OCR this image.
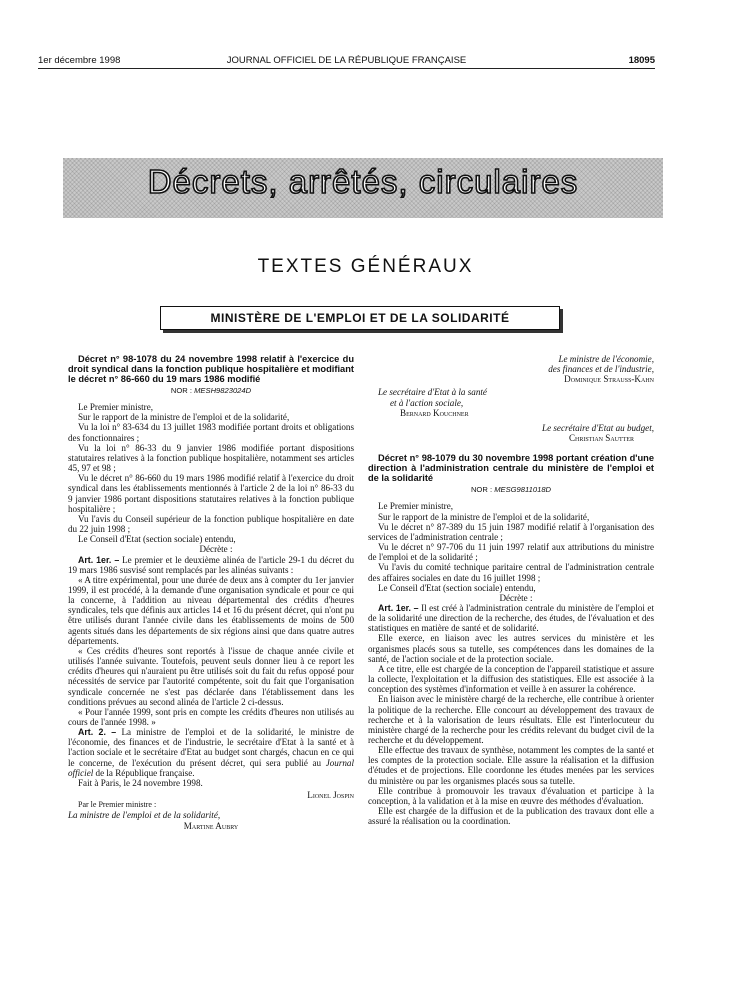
1er décembre 1998	JOURNAL OFFICIEL DE LA RÉPUBLIQUE FRANÇAISE	18095
Décrets, arrêtés, circulaires
TEXTES GÉNÉRAUX
MINISTÈRE DE L'EMPLOI ET DE LA SOLIDARITÉ

Décret n° 98-1078 du 24 novembre 1998 relatif à l'exercice du droit syndical dans la fonction publique hospitalière et modifiant le décret n° 86-660 du 19 mars 1986 modifié

NOR : MESH9823024D

Le Premier ministre,

Sur le rapport de la ministre de l'emploi et de la solidarité,

Vu la loi n° 83-634 du 13 juillet 1983 modifiée portant droits et obligations des fonctionnaires ;

Vu la loi n° 86-33 du 9 janvier 1986 modifiée portant dispositions statutaires relatives à la fonction publique hospitalière, notamment ses articles 45, 97 et 98 ;

Vu le décret n° 86-660 du 19 mars 1986 modifié relatif à l'exercice du droit syndical dans les établissements mentionnés à l'article 2 de la loi n° 86-33 du 9 janvier 1986 portant dispositions statutaires relatives à la fonction publique hospitalière ;

Vu l'avis du Conseil supérieur de la fonction publique hospitalière en date du 22 juin 1998 ;

Le Conseil d'Etat (section sociale) entendu,

Décrète :

Art. 1er. – Le premier et le deuxième alinéa de l'article 29-1 du décret du 19 mars 1986 susvisé sont remplacés par les alinéas suivants :

« A titre expérimental, pour une durée de deux ans à compter du 1er janvier 1999, il est procédé, à la demande d'une organisation syndicale et pour ce qui la concerne, à l'addition au niveau départemental des crédits d'heures syndicales, tels que définis aux articles 14 et 16 du présent décret, qui n'ont pu être utilisés durant l'année civile dans les établissements de moins de 500 agents situés dans les départements de six régions ainsi que dans quatre autres départements.

« Ces crédits d'heures sont reportés à l'issue de chaque année civile et utilisés l'année suivante. Toutefois, peuvent seuls donner lieu à ce report les crédits d'heures qui n'auraient pu être utilisés soit du fait du refus opposé pour nécessités de service par l'autorité compétente, soit du fait que l'organisation syndicale concernée ne s'est pas déclarée dans l'établissement dans les conditions prévues au second alinéa de l'article 2 ci-dessus.

« Pour l'année 1999, sont pris en compte les crédits d'heures non utilisés au cours de l'année 1998. »

Art. 2. – La ministre de l'emploi et de la solidarité, le ministre de l'économie, des finances et de l'industrie, le secrétaire d'Etat à la santé et à l'action sociale et le secrétaire d'Etat au budget sont chargés, chacun en ce qui le concerne, de l'exécution du présent décret, qui sera publié au Journal officiel de la République française.

Fait à Paris, le 24 novembre 1998.

Lionel Jospin

Par le Premier ministre :

La ministre de l'emploi et de la solidarité,

Martine Aubry

Le ministre de l'économie,

des finances et de l'industrie,

Dominique Strauss-Kahn

Le secrétaire d'Etat à la santé

et à l'action sociale,

Bernard Kouchner

Le secrétaire d'Etat au budget,

Christian Sautter

Décret n° 98-1079 du 30 novembre 1998 portant création d'une direction à l'administration centrale du ministère de l'emploi et de la solidarité

NOR : MESG9811018D

Le Premier ministre,

Sur le rapport de la ministre de l'emploi et de la solidarité,

Vu le décret n° 87-389 du 15 juin 1987 modifié relatif à l'organisation des services de l'administration centrale ;

Vu le décret n° 97-706 du 11 juin 1997 relatif aux attributions du ministre de l'emploi et de la solidarité ;

Vu l'avis du comité technique paritaire central de l'administration centrale des affaires sociales en date du 16 juillet 1998 ;

Le Conseil d'Etat (section sociale) entendu,

Décrète :

Art. 1er. – Il est créé à l'administration centrale du ministère de l'emploi et de la solidarité une direction de la recherche, des études, de l'évaluation et des statistiques en matière de santé et de solidarité.

Elle exerce, en liaison avec les autres services du ministère et les organismes placés sous sa tutelle, ses compétences dans les domaines de la santé, de l'action sociale et de la protection sociale.

A ce titre, elle est chargée de la conception de l'appareil statistique et assure la collecte, l'exploitation et la diffusion des statistiques. Elle est associée à la conception des systèmes d'information et veille à en assurer la cohérence.

En liaison avec le ministère chargé de la recherche, elle contribue à orienter la politique de la recherche. Elle concourt au développement des travaux de recherche et à la valorisation de leurs résultats. Elle est l'interlocuteur du ministère chargé de la recherche pour les crédits relevant du budget civil de la recherche et du développement.

Elle effectue des travaux de synthèse, notamment les comptes de la santé et les comptes de la protection sociale. Elle assure la réalisation et la diffusion d'études et de projections. Elle coordonne les études menées par les services du ministère ou par les organismes placés sous sa tutelle.

Elle contribue à promouvoir les travaux d'évaluation et participe à la conception, à la validation et à la mise en œuvre des méthodes d'évaluation.

Elle est chargée de la diffusion et de la publication des travaux dont elle a assuré la réalisation ou la coordination.
